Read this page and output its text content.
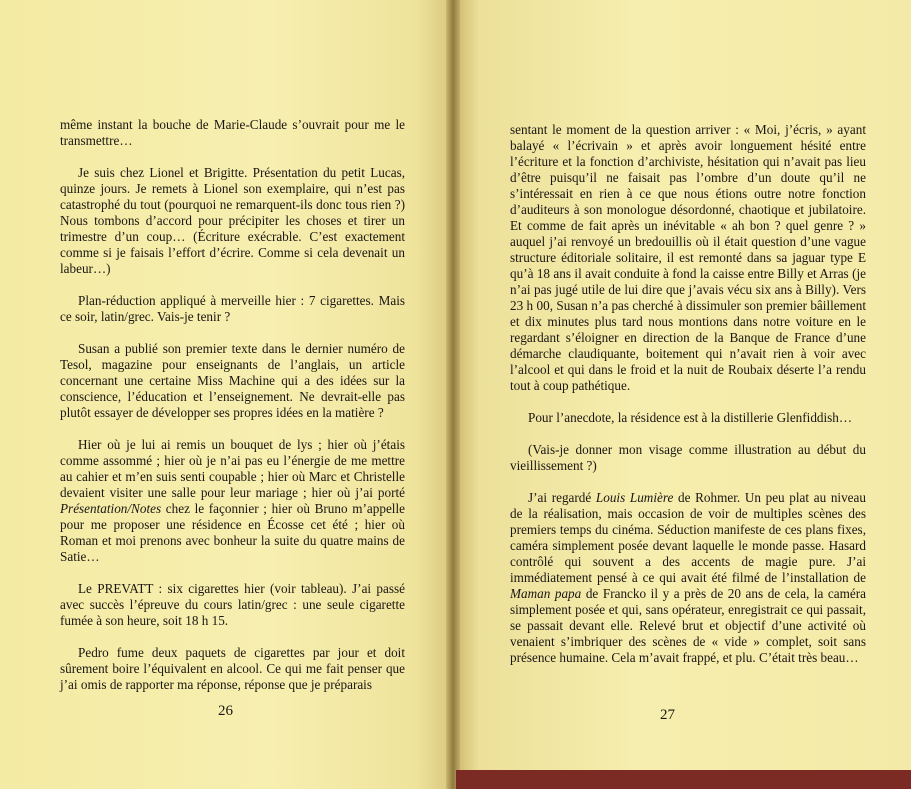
même instant la bouche de Marie-Claude s’ouvrait pour me le transmettre…

Je suis chez Lionel et Brigitte. Présentation du petit Lucas, quinze jours. Je remets à Lionel son exemplaire, qui n’est pas catastrophé du tout (pourquoi ne remarquent-ils donc tous rien ?) Nous tombons d’accord pour précipiter les choses et tirer un trimestre d’un coup… (Écriture exécrable. C’est exactement comme si je faisais l’effort d’écrire. Comme si cela devenait un labeur…)

Plan-réduction appliqué à merveille hier : 7 cigarettes. Mais ce soir, latin/grec. Vais-je tenir ?

Susan a publié son premier texte dans le dernier numéro de Tesol, magazine pour enseignants de l’anglais, un article concernant une certaine Miss Machine qui a des idées sur la conscience, l’éducation et l’enseignement. Ne devrait-elle pas plutôt essayer de développer ses propres idées en la matière ?

Hier où je lui ai remis un bouquet de lys ; hier où j’étais comme assommé ; hier où je n’ai pas eu l’énergie de me mettre au cahier et m’en suis senti coupable ; hier où Marc et Christelle devaient visiter une salle pour leur mariage ; hier où j’ai porté Présentation/Notes chez le façonnier ; hier où Bruno m’appelle pour me proposer une résidence en Écosse cet été ; hier où Roman et moi prenons avec bonheur la suite du quatre mains de Satie…

Le PREVATT : six cigarettes hier (voir tableau). J’ai passé avec succès l’épreuve du cours latin/grec : une seule cigarette fumée à son heure, soit 18 h 15.

Pedro fume deux paquets de cigarettes par jour et doit sûrement boire l’équivalent en alcool. Ce qui me fait penser que j’ai omis de rapporter ma réponse, réponse que je préparais

26

sentant le moment de la question arriver : « Moi, j’écris, » ayant balayé « l’écrivain » et après avoir longuement hésité entre l’écriture et la fonction d’archiviste, hésitation qui n’avait pas lieu d’être puisqu’il ne faisait pas l’ombre d’un doute qu’il ne s’intéressait en rien à ce que nous étions outre notre fonction d’auditeurs à son monologue désordonné, chaotique et jubilatoire. Et comme de fait après un inévitable « ah bon ? quel genre ? » auquel j’ai renvoyé un bredouillis où il était question d’une vague structure éditoriale solitaire, il est remonté dans sa jaguar type E qu’à 18 ans il avait conduite à fond la caisse entre Billy et Arras (je n’ai pas jugé utile de lui dire que j’avais vécu six ans à Billy). Vers 23 h 00, Susan n’a pas cherché à dissimuler son premier bâillement et dix minutes plus tard nous montions dans notre voiture en le regardant s’éloigner en direction de la Banque de France d’une démarche claudiquante, boitement qui n’avait rien à voir avec l’alcool et qui dans le froid et la nuit de Roubaix déserte l’a rendu tout à coup pathétique.

Pour l’anecdote, la résidence est à la distillerie Glenfiddish…

(Vais-je donner mon visage comme illustration au début du vieillissement ?)

J’ai regardé Louis Lumière de Rohmer. Un peu plat au niveau de la réalisation, mais occasion de voir de multiples scènes des premiers temps du cinéma. Séduction manifeste de ces plans fixes, caméra simplement posée devant laquelle le monde passe. Hasard contrôlé qui souvent a des accents de magie pure. J’ai immédiatement pensé à ce qui avait été filmé de l’installation de Maman papa de Francko il y a près de 20 ans de cela, la caméra simplement posée et qui, sans opérateur, enregistrait ce qui passait, se passait devant elle. Relevé brut et objectif d’une activité où venaient s’imbriquer des scènes de « vide » complet, soit sans présence humaine. Cela m’avait frappé, et plu. C’était très beau…

27
